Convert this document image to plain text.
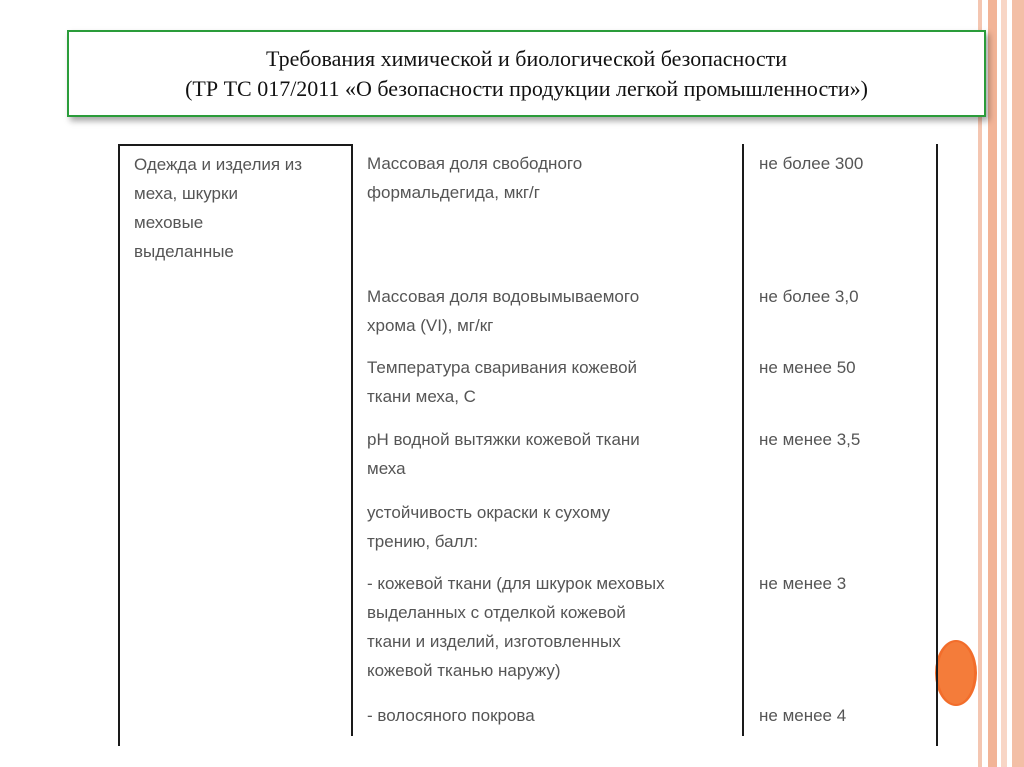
Требования химической и биологической безопасности
(ТР ТС 017/2011 «О безопасности продукции легкой промышленности»)
Одежда и изделия из
меха, шкурки
меховые
выделанные
Массовая доля свободного
формальдегида, мкг/г
не более 300
Массовая доля водовымываемого
хрома (VI), мг/кг
не более 3,0
Температура сваривания кожевой
ткани меха, С
не менее 50
pH водной вытяжки кожевой ткани
меха
не менее 3,5
устойчивость окраски к сухому
трению, балл:
- кожевой ткани (для шкурок меховых
выделанных с отделкой кожевой
ткани и изделий, изготовленных
кожевой тканью наружу)
не менее 3
- волосяного покрова	не менее 4
